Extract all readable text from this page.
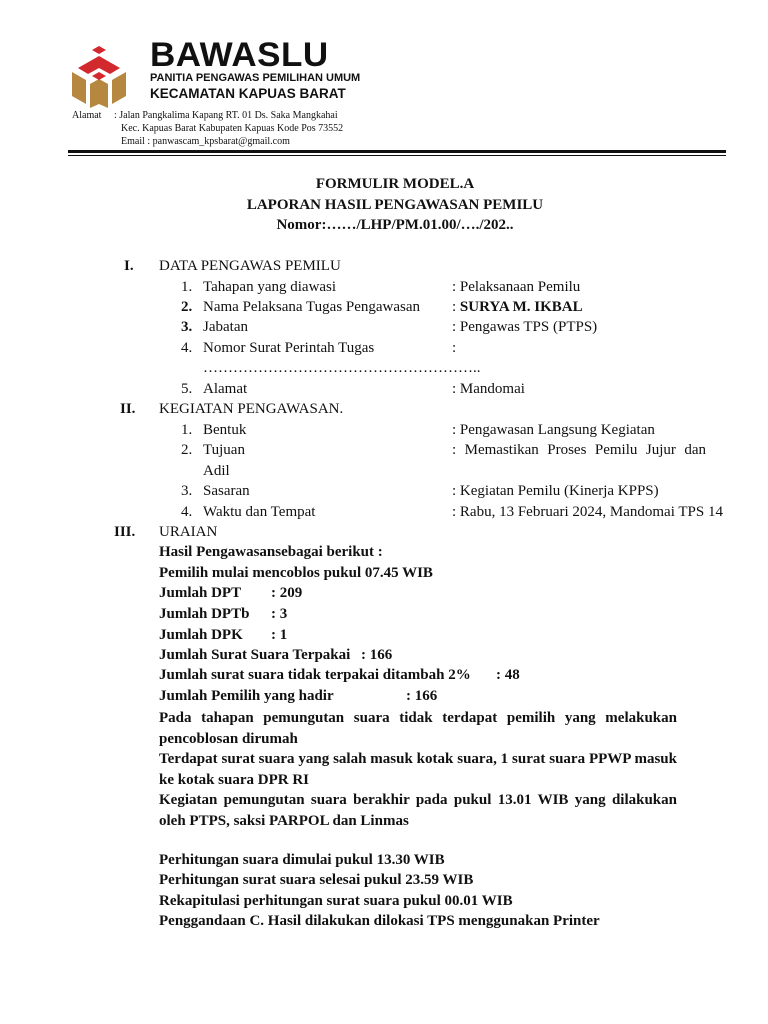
BAWASLU
PANITIA PENGAWAS PEMILIHAN UMUM
KECAMATAN KAPUAS BARAT
Alamat : Jalan Pangkalima Kapang RT. 01 Ds. Saka Mangkahai
Kec. Kapuas Barat Kabupaten Kapuas Kode Pos 73552
Email : panwascam_kpsbarat@gmail.com
FORMULIR MODEL.A
LAPORAN HASIL PENGAWASAN PEMILU
Nomor:……/LHP/PM.01.00/…./202..
I. DATA PENGAWAS PEMILU
1. Tahapan yang diawasi	: Pelaksanaan Pemilu
2. Nama Pelaksana Tugas Pengawasan : SURYA M. IKBAL
3. Jabatan	: Pengawas TPS (PTPS)
4. Nomor Surat Perintah Tugas	:
………………………………………………..
5. Alamat	: Mandomai
II. KEGIATAN PENGAWASAN.
1. Bentuk	: Pengawasan Langsung Kegiatan
2. Tujuan	: Memastikan Proses Pemilu Jujur dan
Adil
3. Sasaran	: Kegiatan Pemilu (Kinerja KPPS)
4. Waktu dan Tempat	: Rabu, 13 Februari 2024, Mandomai TPS 14
III. URAIAN
Hasil Pengawasansebagai berikut :
Pemilih mulai mencoblos pukul 07.45 WIB
Jumlah DPT : 209
Jumlah DPTb : 3
Jumlah DPK : 1
Jumlah Surat Suara Terpakai : 166
Jumlah surat suara tidak terpakai ditambah 2% : 48
Jumlah Pemilih yang hadir	: 166
Pada tahapan pemungutan suara tidak terdapat pemilih yang melakukan pencoblosan dirumah
Terdapat surat suara yang salah masuk kotak suara, 1 surat suara PPWP masuk ke kotak suara DPR RI
Kegiatan pemungutan suara berakhir pada pukul 13.01 WIB yang dilakukan oleh PTPS, saksi PARPOL dan Linmas
Perhitungan suara dimulai pukul 13.30 WIB
Perhitungan surat suara selesai pukul 23.59 WIB
Rekapitulasi perhitungan surat suara pukul 00.01 WIB
Penggandaan C. Hasil dilakukan dilokasi TPS menggunakan Printer
